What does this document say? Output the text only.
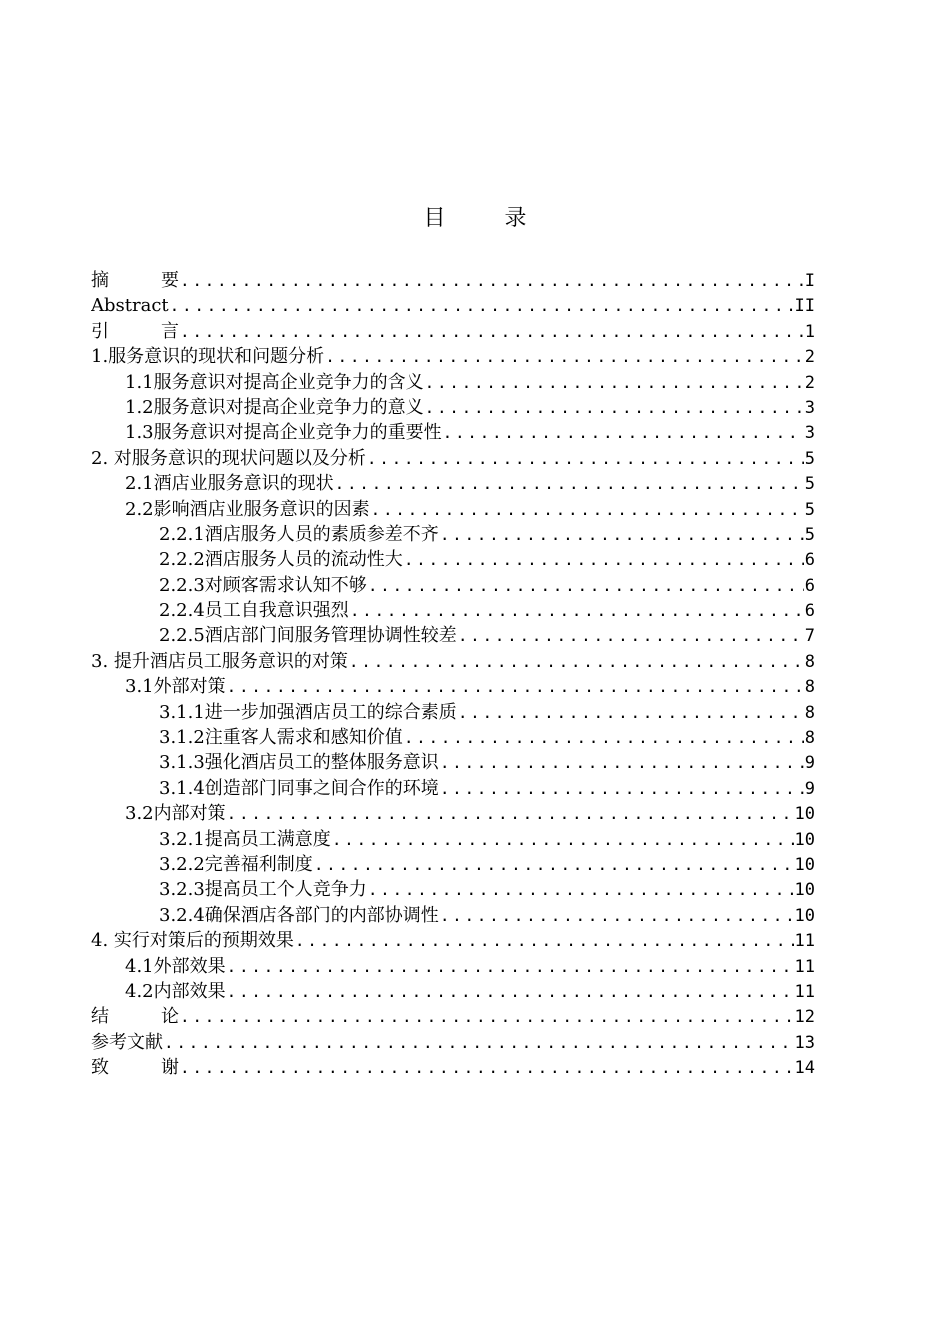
目 录
摘	要 .....	I
Abstract .....	II
引	言 .....	1
1.服务意识的现状和问题分析 .....	2
1.1服务意识对提高企业竞争力的含义 .....	2
1.2服务意识对提高企业竞争力的意义 .....	3
1.3服务意识对提高企业竞争力的重要性 .....	3
2. 对服务意识的现状问题以及分析 .....	5
2.1酒店业服务意识的现状 .....	5
2.2影响酒店业服务意识的因素 .....	5
2.2.1酒店服务人员的素质参差不齐 .....	5
2.2.2酒店服务人员的流动性大 .....	6
2.2.3对顾客需求认知不够 .....	6
2.2.4员工自我意识强烈 .....	6
2.2.5酒店部门间服务管理协调性较差 .....	7
3. 提升酒店员工服务意识的对策 .....	8
3.1外部对策 .....	8
3.1.1进一步加强酒店员工的综合素质 .....	8
3.1.2注重客人需求和感知价值 .....	8
3.1.3强化酒店员工的整体服务意识 .....	9
3.1.4创造部门同事之间合作的环境 .....	9
3.2内部对策 .....	10
3.2.1提高员工满意度 .....	10
3.2.2完善福利制度 .....	10
3.2.3提高员工个人竞争力 .....	10
3.2.4确保酒店各部门的内部协调性 .....	10
4. 实行对策后的预期效果 .....	11
4.1外部效果 .....	11
4.2内部效果 .....	11
结	论 .....	12
参考文献 .....	13
致	谢 .....	14
